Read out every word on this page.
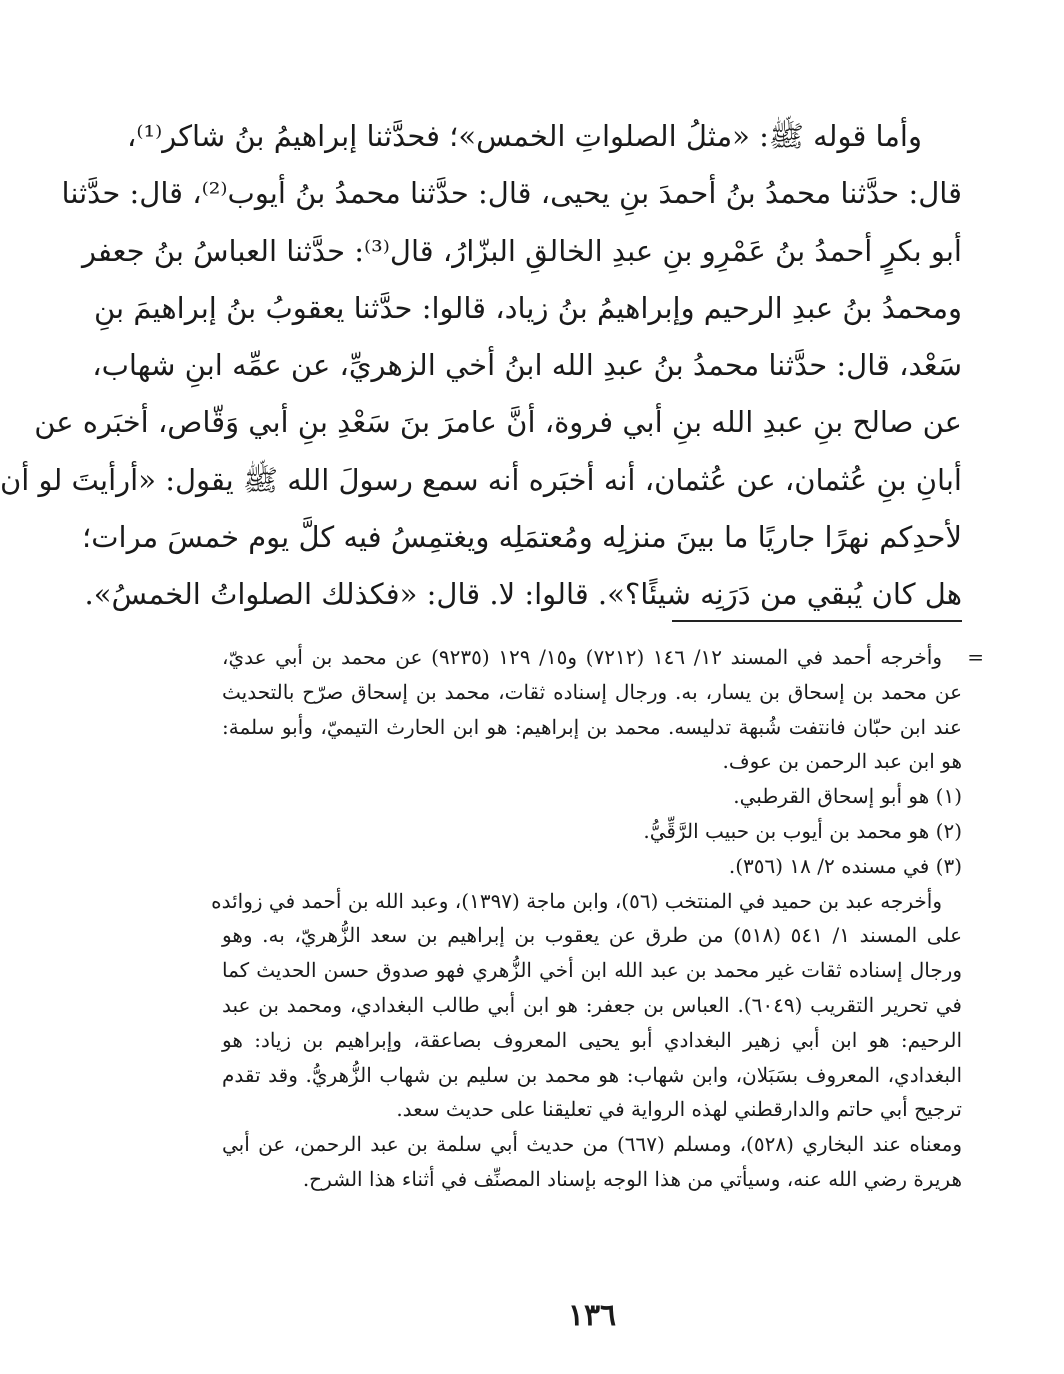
وأما قوله ﷺ: «مثلُ الصلواتِ الخمس»؛ فحدَّثنا إبراهيمُ بنُ شاكر⁽¹⁾،
قال: حدَّثنا محمدُ بنُ أحمدَ بنِ يحيى، قال: حدَّثنا محمدُ بنُ أيوب⁽²⁾، قال: حدَّثنا
أبو بكرٍ أحمدُ بنُ عَمْرِو بنِ عبدِ الخالقِ البزّارُ، قال⁽³⁾: حدَّثنا العباسُ بنُ جعفر
ومحمدُ بنُ عبدِ الرحيم وإبراهيمُ بنُ زياد، قالوا: حدَّثنا يعقوبُ بنُ إبراهيمَ بنِ
سَعْد، قال: حدَّثنا محمدُ بنُ عبدِ الله ابنُ أخي الزهريِّ، عن عمِّه ابنِ شهاب،
عن صالح بنِ عبدِ الله بنِ أبي فروة، أنَّ عامرَ بنَ سَعْدِ بنِ أبي وَقّاص، أخبَره عن
أبانِ بنِ عُثمان، عن عُثمان، أنه أخبَره أنه سمع رسولَ الله ﷺ يقول: «أرأيتَ لو أن
لأحدِكم نهرًا جاريًا ما بينَ منزلِه ومُعتمَلِه ويغتمِسُ فيه كلَّ يوم خمسَ مرات؛
هل كان يُبقي من دَرَنِه شيئًا؟». قالوا: لا. قال: «فكذلك الصلواتُ الخمسُ».
=
وأخرجه أحمد في المسند ١٢/ ١٤٦ (٧٢١٢) و١٥/ ١٢٩ (٩٢٣٥) عن محمد بن أبي عديّ،
عن محمد بن إسحاق بن يسار، به. ورجال إسناده ثقات، محمد بن إسحاق صرّح بالتحديث
عند ابن حبّان فانتفت شُبهة تدليسه. محمد بن إبراهيم: هو ابن الحارث التيميّ، وأبو سلمة:
هو ابن عبد الرحمن بن عوف.
(١) هو أبو إسحاق القرطبي.
(٢) هو محمد بن أيوب بن حبيب الرَّقِّيُّ.
(٣) في مسنده ٢/ ١٨ (٣٥٦).
وأخرجه عبد بن حميد في المنتخب (٥٦)، وابن ماجة (١٣٩٧)، وعبد الله بن أحمد في زوائده
على المسند ١/ ٥٤١ (٥١٨) من طرق عن يعقوب بن إبراهيم بن سعد الزُّهريّ، به. وهو
ورجال إسناده ثقات غير محمد بن عبد الله ابن أخي الزُّهري فهو صدوق حسن الحديث كما
في تحرير التقريب (٦٠٤٩). العباس بن جعفر: هو ابن أبي طالب البغدادي، ومحمد بن عبد
الرحيم: هو ابن أبي زهير البغدادي أبو يحيى المعروف بصاعقة، وإبراهيم بن زياد: هو
البغدادي، المعروف بسَبَلان، وابن شهاب: هو محمد بن سليم بن شهاب الزُّهريُّ. وقد تقدم
ترجيح أبي حاتم والدارقطني لهذه الرواية في تعليقنا على حديث سعد.
ومعناه عند البخاري (٥٢٨)، ومسلم (٦٦٧) من حديث أبي سلمة بن عبد الرحمن، عن أبي
هريرة رضي الله عنه، وسيأتي من هذا الوجه بإسناد المصنِّف في أثناء هذا الشرح.
١٣٦
